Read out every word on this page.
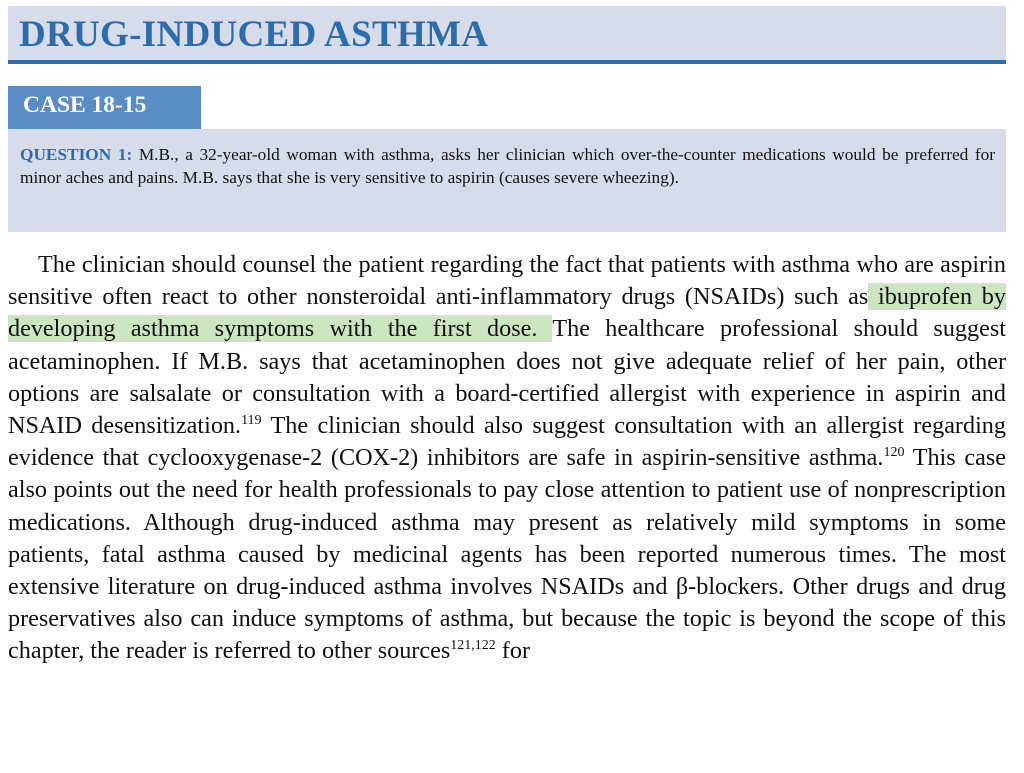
DRUG-INDUCED ASTHMA
CASE 18-15
QUESTION 1: M.B., a 32-year-old woman with asthma, asks her clinician which over-the-counter medications would be preferred for minor aches and pains. M.B. says that she is very sensitive to aspirin (causes severe wheezing).
The clinician should counsel the patient regarding the fact that patients with asthma who are aspirin sensitive often react to other nonsteroidal anti-inflammatory drugs (NSAIDs) such as ibuprofen by developing asthma symptoms with the first dose. The healthcare professional should suggest acetaminophen. If M.B. says that acetaminophen does not give adequate relief of her pain, other options are salsalate or consultation with a board-certified allergist with experience in aspirin and NSAID desensitization.$^{119}$ The clinician should also suggest consultation with an allergist regarding evidence that cyclooxygenase-2 (COX-2) inhibitors are safe in aspirin-sensitive asthma.$^{120}$ This case also points out the need for health professionals to pay close attention to patient use of nonprescription medications. Although drug-induced asthma may present as relatively mild symptoms in some patients, fatal asthma caused by medicinal agents has been reported numerous times. The most extensive literature on drug-induced asthma involves NSAIDs and β-blockers. Other drugs and drug preservatives also can induce symptoms of asthma, but because the topic is beyond the scope of this chapter, the reader is referred to other sources$^{121,122}$ for
